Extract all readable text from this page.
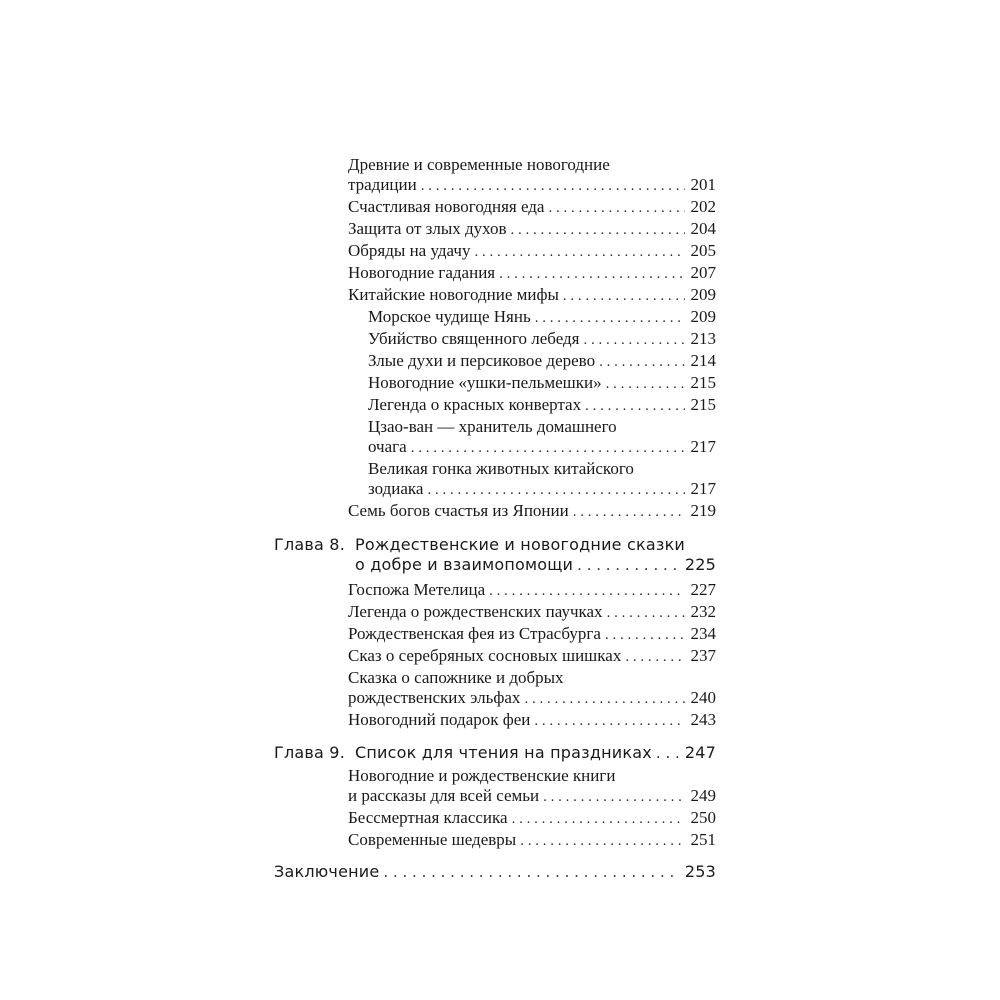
Древние и современные новогодние
традиции . . .	201
Счастливая новогодняя еда . . .	202
Защита от злых духов . . .	204
Обряды на удачу . . .	205
Новогодние гадания . . .	207
Китайские новогодние мифы . . .	209
Морское чудище Нянь . . .	209
Убийство священного лебедя . . .	213
Злые духи и персиковое дерево . . .	214
Новогодние «ушки-пельмешки» . . .	215
Легенда о красных конвертах . . .	215
Цзао-ван — хранитель домашнего
очага . . .	217
Великая гонка животных китайского
зодиака . . .	217
Семь богов счастья из Японии . . .	219
Глава 8. Рождественские и новогодние сказки
о добре и взаимопомощи . . .	225
Госпожа Метелица . . .	227
Легенда о рождественских паучках . . .	232
Рождественская фея из Страсбурга . . .	234
Сказ о серебряных сосновых шишках . . .	237
Сказка о сапожнике и добрых
рождественских эльфах . . .	240
Новогодний подарок феи . . .	243
Глава 9. Список для чтения на праздниках . . . 247
Новогодние и рождественские книги
и рассказы для всей семьи . . .	249
Бессмертная классика . . .	250
Современные шедевры . . .	251
Заключение . . .	253
